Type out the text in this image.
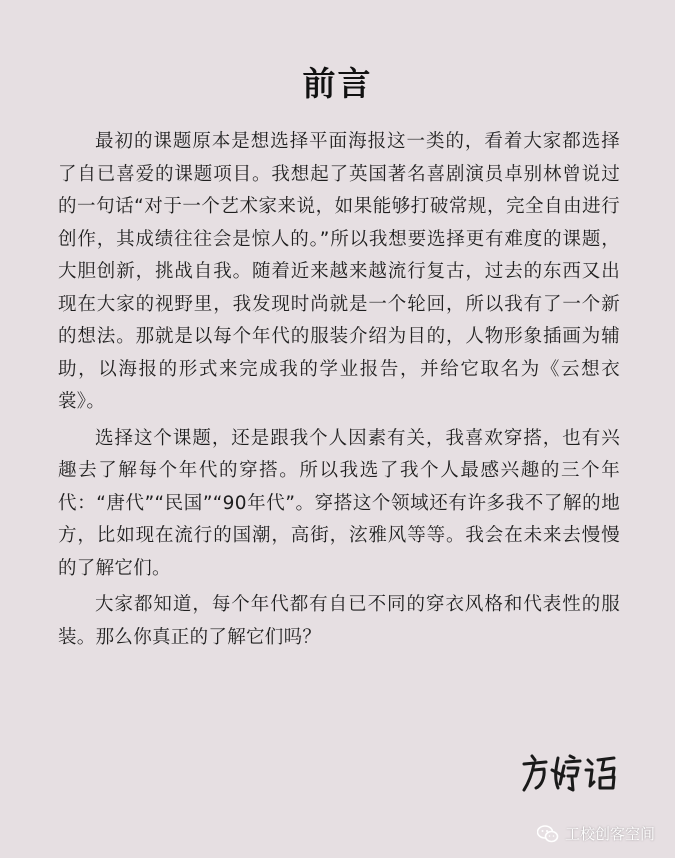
前言

最初的课题原本是想选择平面海报这一类的，看着大家都选择了自已喜爱的课题项目。我想起了英国著名喜剧演员卓别林曾说过的一句话“对于一个艺术家来说，如果能够打破常规，完全自由进行创作，其成绩往往会是惊人的。”所以我想要选择更有难度的课题，大胆创新，挑战自我。随着近来越来越流行复古，过去的东西又出现在大家的视野里，我发现时尚就是一个轮回，所以我有了一个新的想法。那就是以每个年代的服装介绍为目的，人物形象插画为辅助，以海报的形式来完成我的学业报告，并给它取名为《云想衣裳》。

选择这个课题，还是跟我个人因素有关，我喜欢穿搭，也有兴趣去了解每个年代的穿搭。所以我选了我个人最感兴趣的三个年代：“唐代”“民国”“90年代”。穿搭这个领域还有许多我不了解的地方，比如现在流行的国潮，高街，泫雅风等等。我会在未来去慢慢的了解它们。

大家都知道，每个年代都有自已不同的穿衣风格和代表性的服装。那么你真正的了解它们吗？

工校创客空间
